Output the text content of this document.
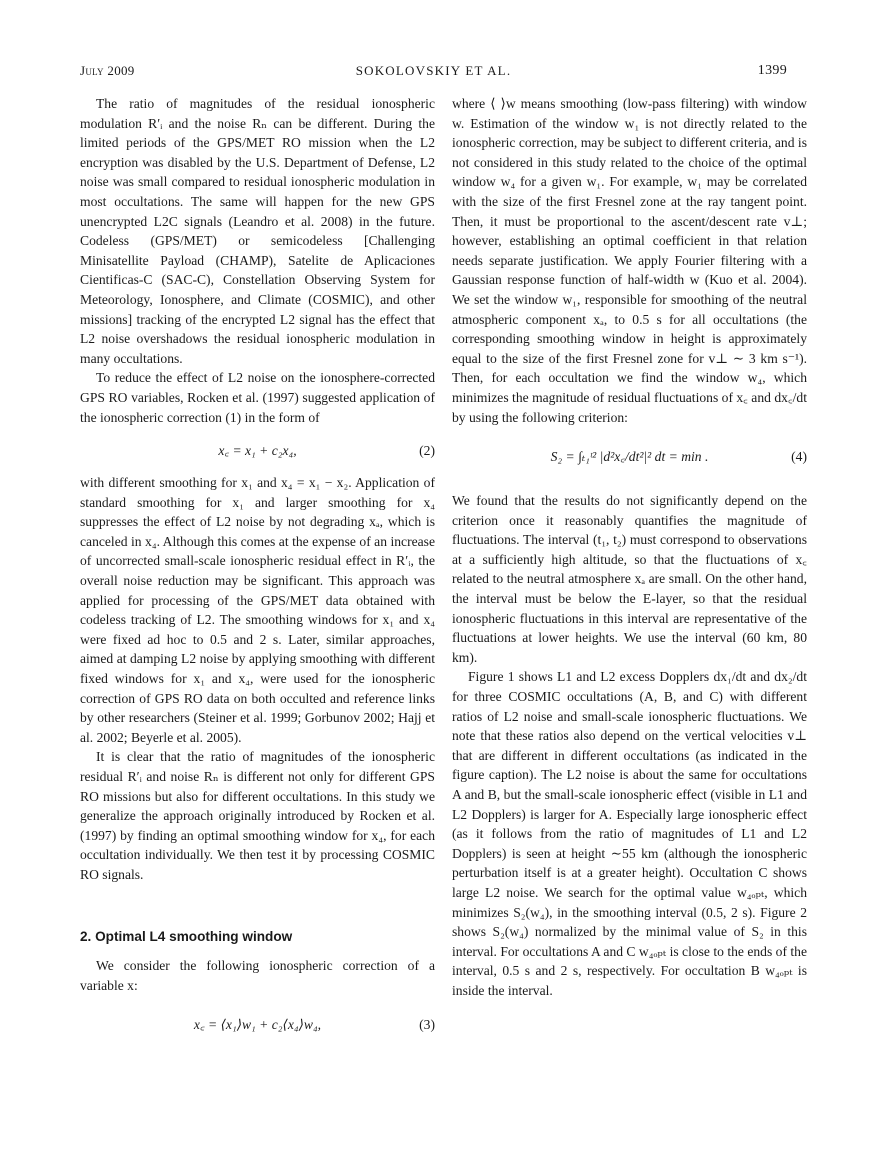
July 2009	SOKOLOVSKIY ET AL.	1399

The ratio of magnitudes of the residual ionospheric modulation R′ᵢ and the noise Rₙ can be different. During the limited periods of the GPS/MET RO mission when the L2 encryption was disabled by the U.S. Department of Defense, L2 noise was small compared to residual ionospheric modulation in most occultations. The same will happen for the new GPS unencrypted L2C signals (Leandro et al. 2008) in the future. Codeless (GPS/MET) or semicodeless [Challenging Minisatellite Payload (CHAMP), Satelite de Aplicaciones Cientificas-C (SAC-C), Constellation Observing System for Meteorology, Ionosphere, and Climate (COSMIC), and other missions] tracking of the encrypted L2 signal has the effect that L2 noise overshadows the residual ionospheric modulation in many occultations.

To reduce the effect of L2 noise on the ionosphere-corrected GPS RO variables, Rocken et al. (1997) suggested application of the ionospheric correction (1) in the form of

x꜀ = x₁ + c₂x₄,	(2)

with different smoothing for x₁ and x₄ = x₁ − x₂. Application of standard smoothing for x₁ and larger smoothing for x₄ suppresses the effect of L2 noise by not degrading xₐ, which is canceled in x₄. Although this comes at the expense of an increase of uncorrected small-scale ionospheric residual effect in R′ᵢ, the overall noise reduction may be significant. This approach was applied for processing of the GPS/MET data obtained with codeless tracking of L2. The smoothing windows for x₁ and x₄ were fixed ad hoc to 0.5 and 2 s. Later, similar approaches, aimed at damping L2 noise by applying smoothing with different fixed windows for x₁ and x₄, were used for the ionospheric correction of GPS RO data on both occulted and reference links by other researchers (Steiner et al. 1999; Gorbunov 2002; Hajj et al. 2002; Beyerle et al. 2005).

It is clear that the ratio of magnitudes of the ionospheric residual R′ᵢ and noise Rₙ is different not only for different GPS RO missions but also for different occultations. In this study we generalize the approach originally introduced by Rocken et al. (1997) by finding an optimal smoothing window for x₄, for each occultation individually. We then test it by processing COSMIC RO signals.

2. Optimal L4 smoothing window

We consider the following ionospheric correction of a variable x:

x꜀ = ⟨x₁⟩w₁ + c₂⟨x₄⟩w₄,	(3)

where ⟨ ⟩w means smoothing (low-pass filtering) with window w. Estimation of the window w₁ is not directly related to the ionospheric correction, may be subject to different criteria, and is not considered in this study related to the choice of the optimal window w₄ for a given w₁. For example, w₁ may be correlated with the size of the first Fresnel zone at the ray tangent point. Then, it must be proportional to the ascent/descent rate v⊥; however, establishing an optimal coefficient in that relation needs separate justification. We apply Fourier filtering with a Gaussian response function of half-width w (Kuo et al. 2004). We set the window w₁, responsible for smoothing of the neutral atmospheric component xₐ, to 0.5 s for all occultations (the corresponding smoothing window in height is approximately equal to the size of the first Fresnel zone for v⊥ ∼ 3 km s⁻¹). Then, for each occultation we find the window w₄, which minimizes the magnitude of residual fluctuations of x꜀ and dx꜀/dt by using the following criterion:

S₂ = ∫ₜ₁ᵗ² |d²x꜀/dt²|² dt = min .	(4)

We found that the results do not significantly depend on the criterion once it reasonably quantifies the magnitude of fluctuations. The interval (t₁, t₂) must correspond to observations at a sufficiently high altitude, so that the fluctuations of x꜀ related to the neutral atmosphere xₐ are small. On the other hand, the interval must be below the E-layer, so that the residual ionospheric fluctuations in this interval are representative of the fluctuations at lower heights. We use the interval (60 km, 80 km).

Figure 1 shows L1 and L2 excess Dopplers dx₁/dt and dx₂/dt for three COSMIC occultations (A, B, and C) with different ratios of L2 noise and small-scale ionospheric fluctuations. We note that these ratios also depend on the vertical velocities v⊥ that are different in different occultations (as indicated in the figure caption). The L2 noise is about the same for occultations A and B, but the small-scale ionospheric effect (visible in L1 and L2 Dopplers) is larger for A. Especially large ionospheric effect (as it follows from the ratio of magnitudes of L1 and L2 Dopplers) is seen at height ∼55 km (although the ionospheric perturbation itself is at a greater height). Occultation C shows large L2 noise. We search for the optimal value w₄ₒₚₜ, which minimizes S₂(w₄), in the smoothing interval (0.5, 2 s). Figure 2 shows S₂(w₄) normalized by the minimal value of S₂ in this interval. For occultations A and C w₄ₒₚₜ is close to the ends of the interval, 0.5 s and 2 s, respectively. For occultation B w₄ₒₚₜ is inside the interval.
